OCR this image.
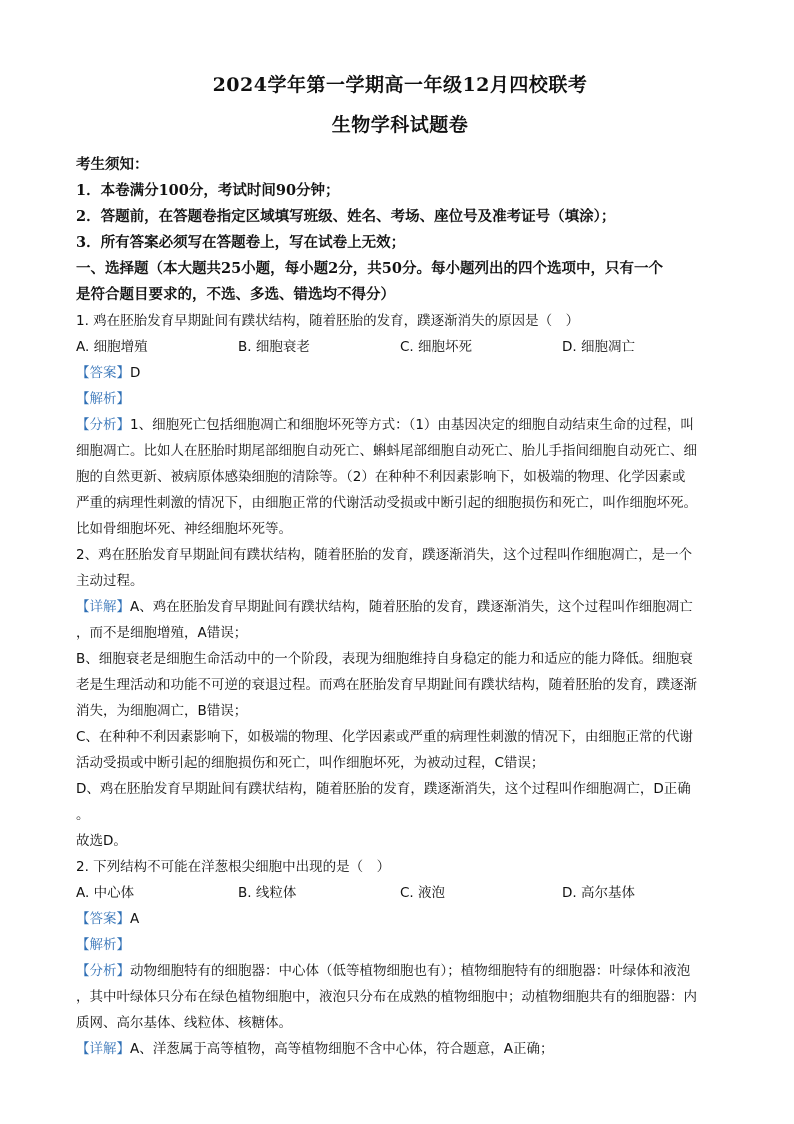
2024学年第一学期高一年级12月四校联考
生物学科试题卷

考生须知：

1．本卷满分100分，考试时间90分钟；

2．答题前，在答题卷指定区域填写班级、姓名、考场、座位号及准考证号（填涂）；

3．所有答案必须写在答题卷上，写在试卷上无效；

一、选择题（本大题共25小题，每小题2分，共50分。每小题列出的四个选项中，只有一个

是符合题目要求的，不选、多选、错选均不得分）

1. 鸡在胚胎发育早期趾间有蹼状结构，随着胚胎的发育，蹼逐渐消失的原因是（　）

A. 细胞增殖	B. 细胞衰老	C. 细胞坏死	D. 细胞凋亡

【答案】D

【解析】

【分析】1、细胞死亡包括细胞凋亡和细胞坏死等方式：（1）由基因决定的细胞自动结束生命的过程，叫

细胞凋亡。比如人在胚胎时期尾部细胞自动死亡、蝌蚪尾部细胞自动死亡、胎儿手指间细胞自动死亡、细

胞的自然更新、被病原体感染细胞的清除等。（2）在种种不利因素影响下，如极端的物理、化学因素或

严重的病理性刺激的情况下，由细胞正常的代谢活动受损或中断引起的细胞损伤和死亡，叫作细胞坏死。

比如骨细胞坏死、神经细胞坏死等。

2、鸡在胚胎发育早期趾间有蹼状结构，随着胚胎的发育，蹼逐渐消失，这个过程叫作细胞凋亡，是一个

主动过程。

【详解】A、鸡在胚胎发育早期趾间有蹼状结构，随着胚胎的发育，蹼逐渐消失，这个过程叫作细胞凋亡

，而不是细胞增殖，A错误；

B、细胞衰老是细胞生命活动中的一个阶段，表现为细胞维持自身稳定的能力和适应的能力降低。细胞衰

老是生理活动和功能不可逆的衰退过程。而鸡在胚胎发育早期趾间有蹼状结构，随着胚胎的发育，蹼逐渐

消失，为细胞凋亡，B错误；

C、在种种不利因素影响下，如极端的物理、化学因素或严重的病理性刺激的情况下，由细胞正常的代谢

活动受损或中断引起的细胞损伤和死亡，叫作细胞坏死，为被动过程，C错误；

D、鸡在胚胎发育早期趾间有蹼状结构，随着胚胎的发育，蹼逐渐消失，这个过程叫作细胞凋亡，D正确

。

故选D。

2. 下列结构不可能在洋葱根尖细胞中出现的是（　）

A. 中心体	B. 线粒体	C. 液泡	D. 高尔基体

【答案】A

【解析】

【分析】动物细胞特有的细胞器：中心体（低等植物细胞也有）；植物细胞特有的细胞器：叶绿体和液泡

，其中叶绿体只分布在绿色植物细胞中，液泡只分布在成熟的植物细胞中；动植物细胞共有的细胞器：内

质网、高尔基体、线粒体、核糖体。

【详解】A、洋葱属于高等植物，高等植物细胞不含中心体，符合题意，A正确；
